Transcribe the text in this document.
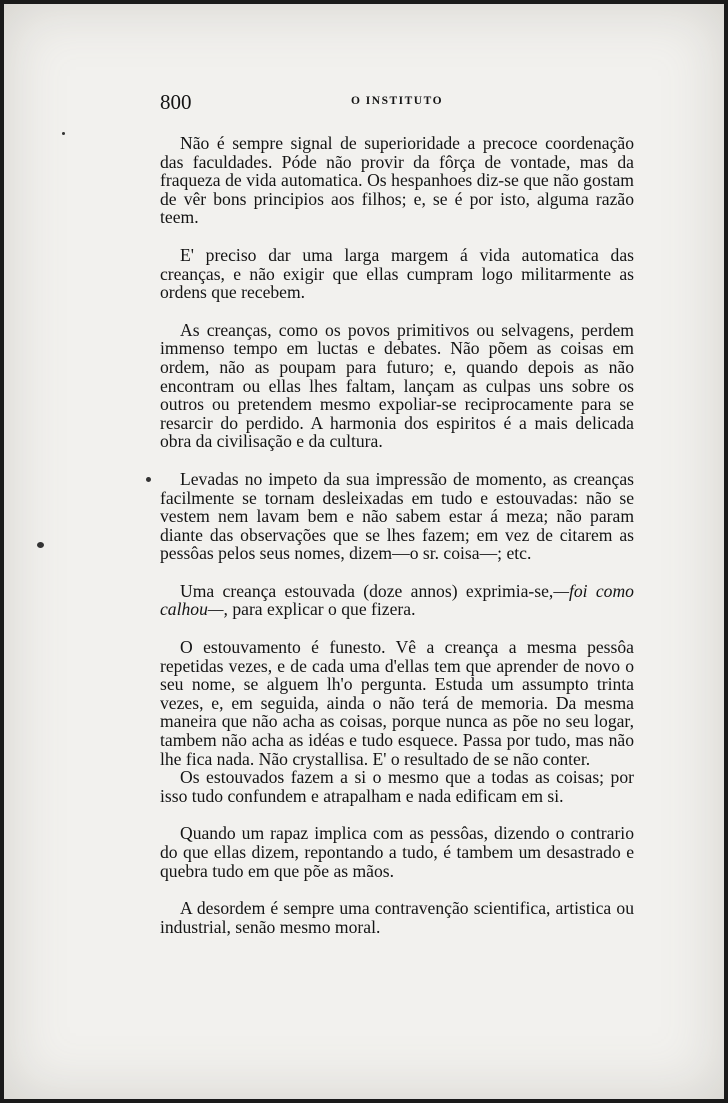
800	O INSTITUTO

Não é sempre signal de superioridade a precoce coordenação das faculdades. Póde não provir da fôrça de vontade, mas da fraqueza de vida automatica. Os hespanhoes diz-se que não gostam de vêr bons principios aos filhos; e, se é por isto, alguma razão teem.

E' preciso dar uma larga margem á vida automatica das creanças, e não exigir que ellas cumpram logo militarmente as ordens que recebem.

As creanças, como os povos primitivos ou selvagens, perdem immenso tempo em luctas e debates. Não põem as coisas em ordem, não as poupam para futuro; e, quando depois as não encontram ou ellas lhes faltam, lançam as culpas uns sobre os outros ou pretendem mesmo expoliar-se reciprocamente para se resarcir do perdido. A harmonia dos espiritos é a mais delicada obra da civilisação e da cultura.

Levadas no impeto da sua impressão de momento, as creanças facilmente se tornam desleixadas em tudo e estouvadas: não se vestem nem lavam bem e não sabem estar á meza; não param diante das observações que se lhes fazem; em vez de citarem as pessôas pelos seus nomes, dizem—o sr. coisa—; etc.

Uma creança estouvada (doze annos) exprimia-se,—foi como calhou—, para explicar o que fizera.

O estouvamento é funesto. Vê a creança a mesma pessôa repetidas vezes, e de cada uma d'ellas tem que aprender de novo o seu nome, se alguem lh'o pergunta. Estuda um assumpto trinta vezes, e, em seguida, ainda o não terá de memoria. Da mesma maneira que não acha as coisas, porque nunca as põe no seu logar, tambem não acha as idéas e tudo esquece. Passa por tudo, mas não lhe fica nada. Não crystallisa. E' o resultado de se não conter.

Os estouvados fazem a si o mesmo que a todas as coisas; por isso tudo confundem e atrapalham e nada edificam em si.

Quando um rapaz implica com as pessôas, dizendo o contrario do que ellas dizem, repontando a tudo, é tambem um desastrado e quebra tudo em que põe as mãos.

A desordem é sempre uma contravenção scientifica, artistica ou industrial, senão mesmo moral.
